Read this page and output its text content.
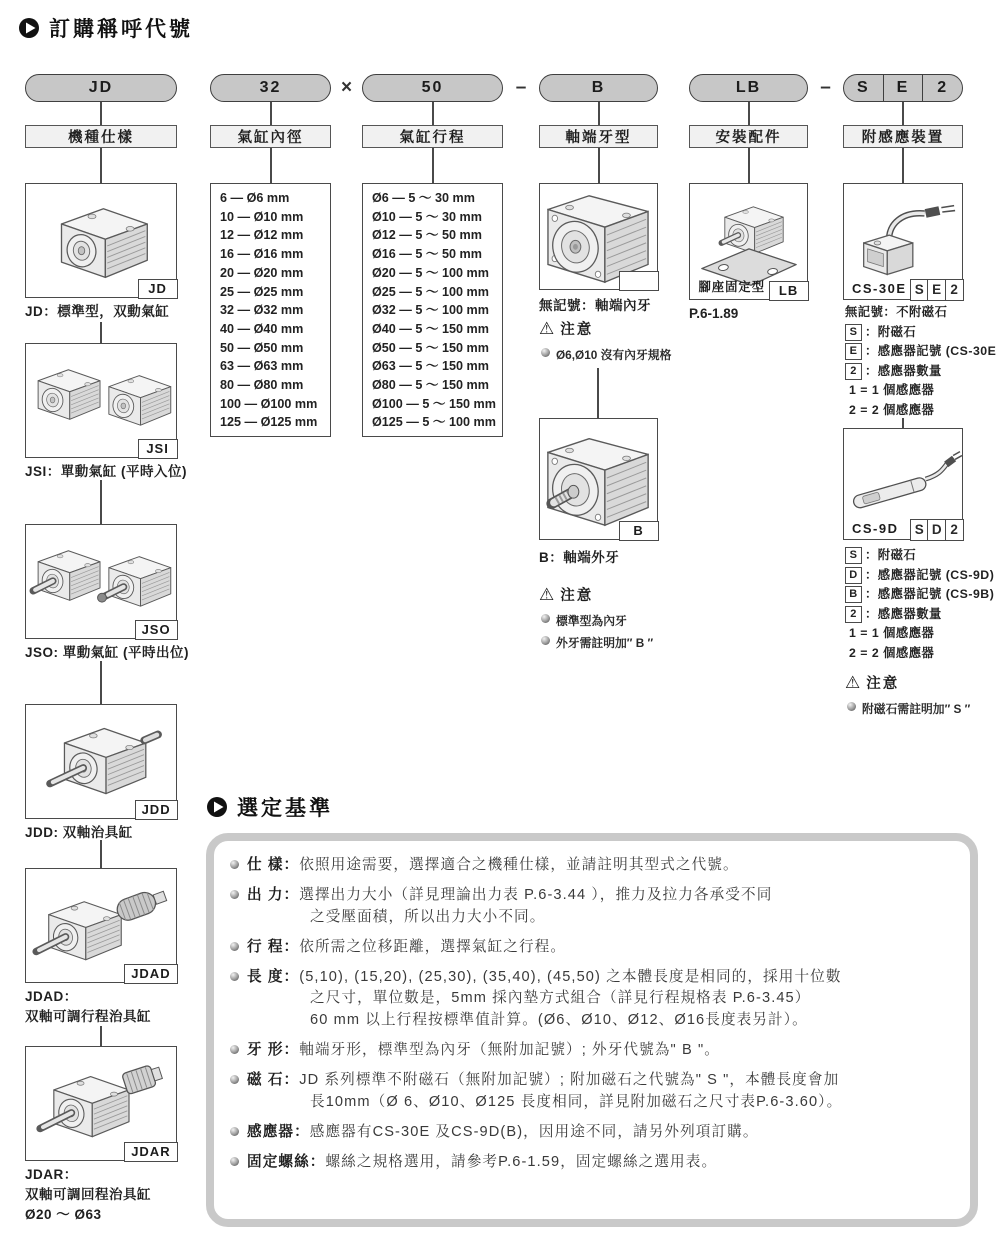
訂購稱呼代號
JD	32	×	50	–	B	LB	–	S	E	2
機種仕樣	氣缸內徑	氣缸行程	軸端牙型	安裝配件	附感應裝置
JD
JD：標準型，双動氣缸
JSI
JSI：單動氣缸 (平時入位)
JSO
JSO: 單動氣缸 (平時出位)
JDD
JDD: 双軸治具缸
JDAD
JDAD：
双軸可調行程治具缸
JDAR
JDAR：
双軸可調回程治具缸
Ø20 ～ Ø63
6 — Ø6 mm
10 — Ø10 mm
12 — Ø12 mm
16 — Ø16 mm
20 — Ø20 mm
25 — Ø25 mm
32 — Ø32 mm
40 — Ø40 mm
50 — Ø50 mm
63 — Ø63 mm
80 — Ø80 mm
100 — Ø100 mm
125 — Ø125 mm
Ø6 — 5 ～ 30 mm
Ø10 — 5 ～ 30 mm
Ø12 — 5 ～ 50 mm
Ø16 — 5 ～ 50 mm
Ø20 — 5 ～ 100 mm
Ø25 — 5 ～ 100 mm
Ø32 — 5 ～ 100 mm
Ø40 — 5 ～ 150 mm
Ø50 — 5 ～ 150 mm
Ø63 — 5 ～ 150 mm
Ø80 — 5 ～ 150 mm
Ø100 — 5 ～ 150 mm
Ø125 — 5 ～ 100 mm
無記號：軸端內牙
⚠ 注意
Ø6,Ø10 沒有內牙規格
B
B：軸端外牙
⚠ 注意
標準型為內牙
外牙需註明加″ B ″
腳座固定型	LB
P.6-1.89
CS-30E S E 2
無記號：不附磁石
S ：附磁石
E ：感應器記號 (CS-30E
2 ：感應器數量
1 = 1 個感應器
2 = 2 個感應器
CS-9D	S D 2
S ：附磁石
D ：感應器記號 (CS-9D)
B ：感應器記號 (CS-9B)
2 ：感應器數量
1 = 1 個感應器
2 = 2 個感應器
⚠ 注意
附磁石需註明加″ S ″
選定基準
仕 樣：依照用途需要，選擇適合之機種仕樣，並請註明其型式之代號。
出 力：選擇出力大小（詳見理論出力表 P.6-3.44 ），推力及拉力各承受不同
之受壓面積，所以出力大小不同。
行 程：依所需之位移距離，選擇氣缸之行程。
長 度：(5,10), (15,20), (25,30), (35,40), (45,50) 之本體長度是相同的，採用十位數
之尺寸，單位數是，5mm 採內墊方式組合（詳見行程規格表 P.6-3.45）
60 mm 以上行程按標準值計算。(Ø6、Ø10、Ø12、Ø16長度表另計）。
牙 形：軸端牙形，標準型為內牙（無附加記號）; 外牙代號為" B "。
磁 石：JD 系列標準不附磁石（無附加記號）; 附加磁石之代號為" S "，本體長度會加
長10mm（Ø 6、Ø10、Ø125 長度相同，詳見附加磁石之尺寸表P.6-3.60）。
感應器：感應器有CS-30E 及CS-9D(B)，因用途不同，請另外列項訂購。
固定螺絲：螺絲之規格選用，請參考P.6-1.59，固定螺絲之選用表。
